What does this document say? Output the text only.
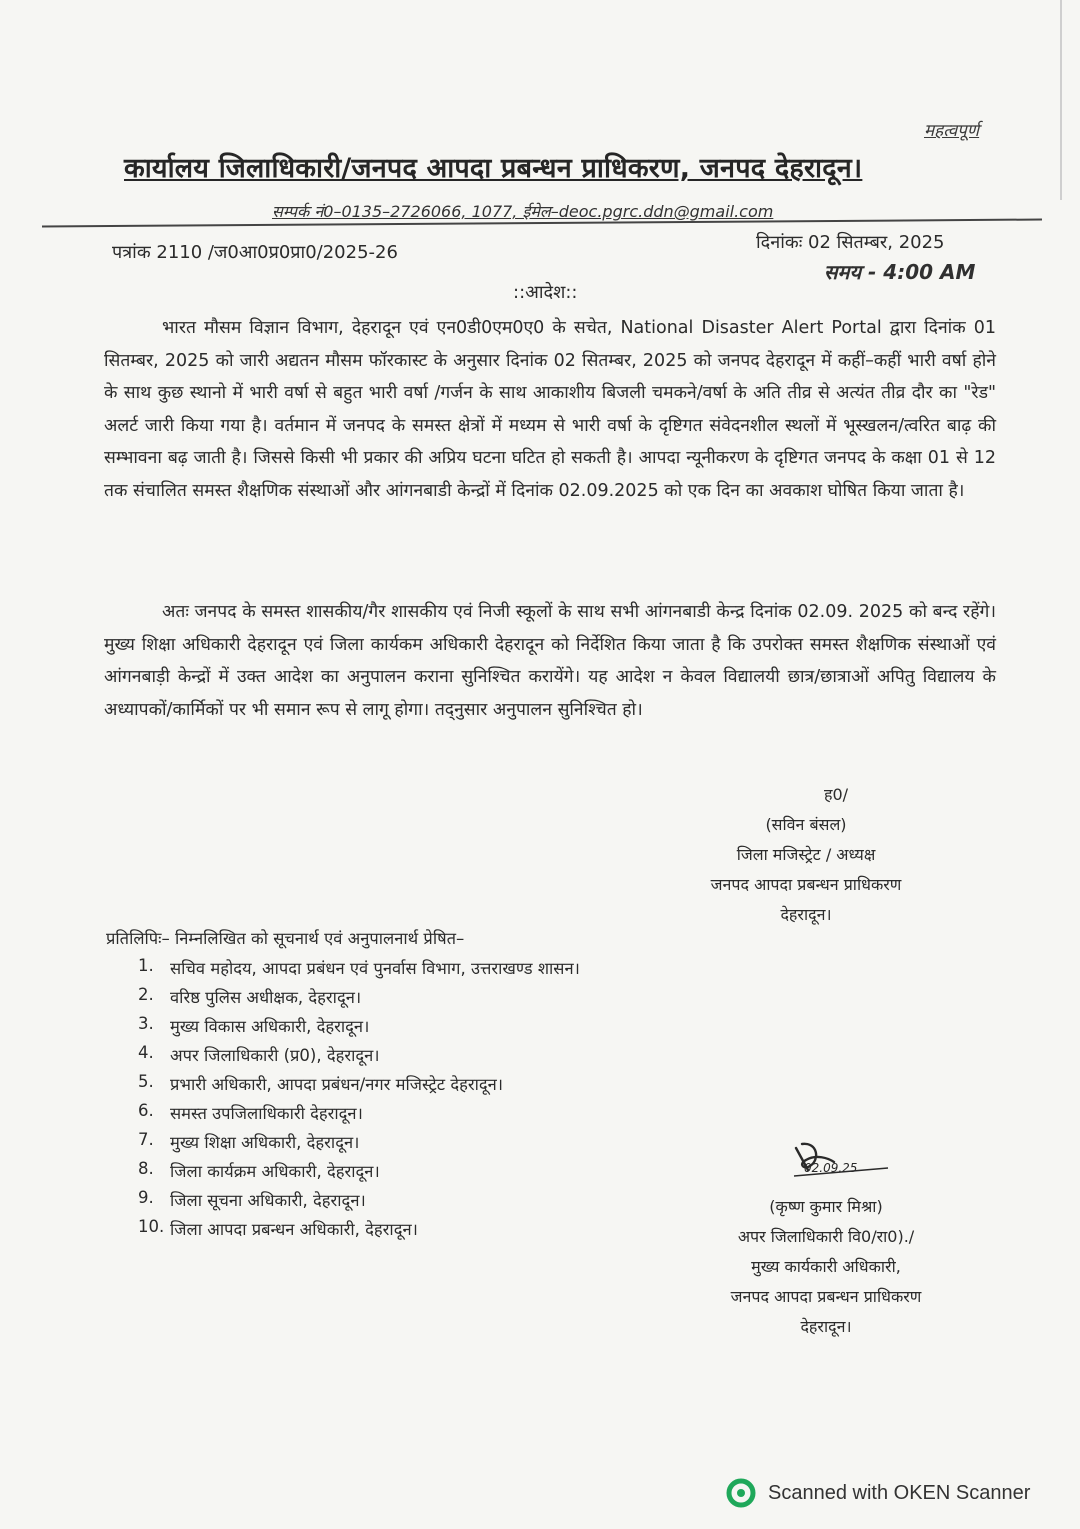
महत्वपूर्ण
कार्यालय जिलाधिकारी/जनपद आपदा प्रबन्धन प्राधिकरण, जनपद देहरादून।
सम्पर्क नं0–0135–2726066, 1077, ईमेल–deoc.pgrc.ddn@gmail.com
पत्रांक 2110 /ज0आ0प्र0प्रा0/2025-26	दिनांकः 02 सितम्बर, 2025
समय - 4:00 AM
::आदेश::
भारत मौसम विज्ञान विभाग, देहरादून एवं एन0डी0एम0ए0 के सचेत, National Disaster Alert Portal द्वारा दिनांक 01 सितम्बर, 2025 को जारी अद्यतन मौसम फॉरकास्ट के अनुसार दिनांक 02 सितम्बर, 2025 को जनपद देहरादून में कहीं–कहीं भारी वर्षा होने के साथ कुछ स्थानो में भारी वर्षा से बहुत भारी वर्षा /गर्जन के साथ आकाशीय बिजली चमकने/वर्षा के अति तीव्र से अत्यंत तीव्र दौर का "रेड" अलर्ट जारी किया गया है। वर्तमान में जनपद के समस्त क्षेत्रों में मध्यम से भारी वर्षा के दृष्टिगत संवेदनशील स्थलों में भूस्खलन/त्वरित बाढ़ की सम्भावना बढ़ जाती है। जिससे किसी भी प्रकार की अप्रिय घटना घटित हो सकती है। आपदा न्यूनीकरण के दृष्टिगत जनपद के कक्षा 01 से 12 तक संचालित समस्त शैक्षणिक संस्थाओं और आंगनबाडी केन्द्रों में दिनांक 02.09.2025 को एक दिन का अवकाश घोषित किया जाता है।
अतः जनपद के समस्त शासकीय/गैर शासकीय एवं निजी स्कूलों के साथ सभी आंगनबाडी केन्द्र दिनांक 02.09. 2025 को बन्द रहेंगे। मुख्य शिक्षा अधिकारी देहरादून एवं जिला कार्यकम अधिकारी देहरादून को निर्देशित किया जाता है कि उपरोक्त समस्त शैक्षणिक संस्थाओं एवं आंगनबाड़ी केन्द्रों में उक्त आदेश का अनुपालन कराना सुनिश्चित करायेंगे। यह आदेश न केवल विद्यालयी छात्र/छात्राओं अपितु विद्यालय के अध्यापकों/कार्मिकों पर भी समान रूप से लागू होगा। तद्नुसार अनुपालन सुनिश्चित हो।
ह0/
(सविन बंसल)
जिला मजिस्ट्रेट / अध्यक्ष
जनपद आपदा प्रबन्धन प्राधिकरण
देहरादून।
प्रतिलिपिः– निम्नलिखित को सूचनार्थ एवं अनुपालनार्थ प्रेषित–
1. सचिव महोदय, आपदा प्रबंधन एवं पुनर्वास विभाग, उत्तराखण्ड शासन।
2. वरिष्ठ पुलिस अधीक्षक, देहरादून।
3. मुख्य विकास अधिकारी, देहरादून।
4. अपर जिलाधिकारी (प्र0), देहरादून।
5. प्रभारी अधिकारी, आपदा प्रबंधन/नगर मजिस्ट्रेट देहरादून।
6. समस्त उपजिलाधिकारी देहरादून।
7. मुख्य शिक्षा अधिकारी, देहरादून।
8. जिला कार्यक्रम अधिकारी, देहरादून।
9. जिला सूचना अधिकारी, देहरादून।
10. जिला आपदा प्रबन्धन अधिकारी, देहरादून।
02.09.25
(कृष्ण कुमार मिश्रा)
अपर जिलाधिकारी वि0/रा0)./
मुख्य कार्यकारी अधिकारी,
जनपद आपदा प्रबन्धन प्राधिकरण
देहरादून।
Scanned with OKEN Scanner
